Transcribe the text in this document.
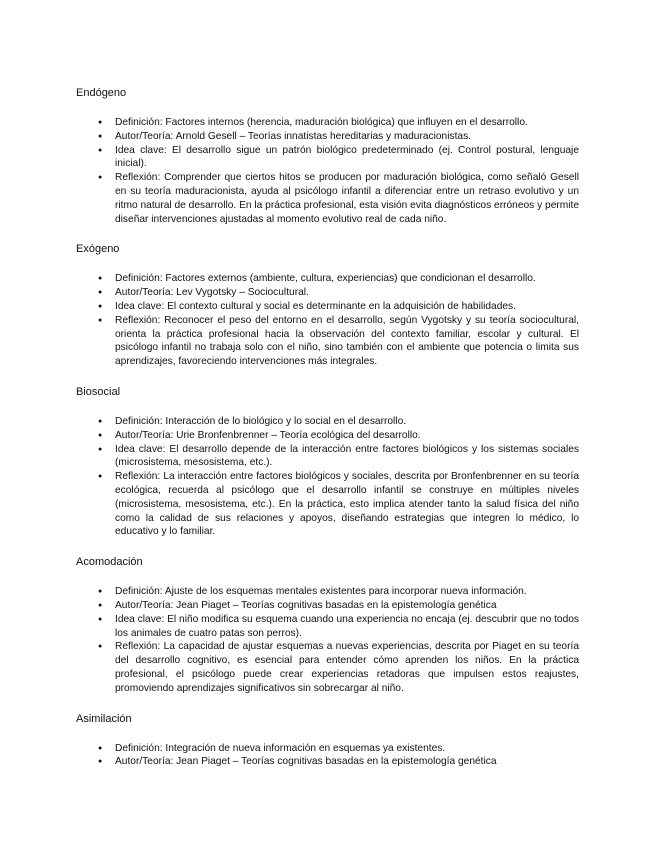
Endógeno
● Definición: Factores internos (herencia, maduración biológica) que influyen en el desarrollo.
● Autor/Teoría: Arnold Gesell – Teorías innatistas hereditarias y maduracionistas.
● Idea clave: El desarrollo sigue un patrón biológico predeterminado (ej. Control postural, lenguaje inicial).
● Reflexión: Comprender que ciertos hitos se producen por maduración biológica, como señaló Gesell en su teoría maduracionista, ayuda al psicólogo infantil a diferenciar entre un retraso evolutivo y un ritmo natural de desarrollo. En la práctica profesional, esta visión evita diagnósticos erróneos y permite diseñar intervenciones ajustadas al momento evolutivo real de cada niño.
Exógeno
● Definición: Factores externos (ambiente, cultura, experiencias) que condicionan el desarrollo.
● Autor/Teoría: Lev Vygotsky – Sociocultural.
● Idea clave: El contexto cultural y social es determinante en la adquisición de habilidades.
● Reflexión: Reconocer el peso del entorno en el desarrollo, según Vygotsky y su teoría sociocultural, orienta la práctica profesional hacia la observación del contexto familiar, escolar y cultural. El psicólogo infantil no trabaja solo con el niño, sino también con el ambiente que potencia o limita sus aprendizajes, favoreciendo intervenciones más integrales.
Biosocial
● Definición: Interacción de lo biológico y lo social en el desarrollo.
● Autor/Teoría: Urie Bronfenbrenner – Teoría ecológica del desarrollo.
● Idea clave: El desarrollo depende de la interacción entre factores biológicos y los sistemas sociales (microsistema, mesosistema, etc.).
● Reflexión: La interacción entre factores biológicos y sociales, descrita por Bronfenbrenner en su teoría ecológica, recuerda al psicólogo que el desarrollo infantil se construye en múltiples niveles (microsistema, mesosistema, etc.). En la práctica, esto implica atender tanto la salud física del niño como la calidad de sus relaciones y apoyos, diseñando estrategias que integren lo médico, lo educativo y lo familiar.
Acomodación
● Definición: Ajuste de los esquemas mentales existentes para incorporar nueva información.
● Autor/Teoría: Jean Piaget – Teorías cognitivas basadas en la epistemología genética
● Idea clave: El niño modifica su esquema cuando una experiencia no encaja (ej. descubrir que no todos los animales de cuatro patas son perros).
● Reflexión: La capacidad de ajustar esquemas a nuevas experiencias, descrita por Piaget en su teoría del desarrollo cognitivo, es esencial para entender cómo aprenden los niños. En la práctica profesional, el psicólogo puede crear experiencias retadoras que impulsen estos reajustes, promoviendo aprendizajes significativos sin sobrecargar al niño.
Asimilación
● Definición: Integración de nueva información en esquemas ya existentes.
● Autor/Teoría: Jean Piaget – Teorías cognitivas basadas en la epistemología genética
